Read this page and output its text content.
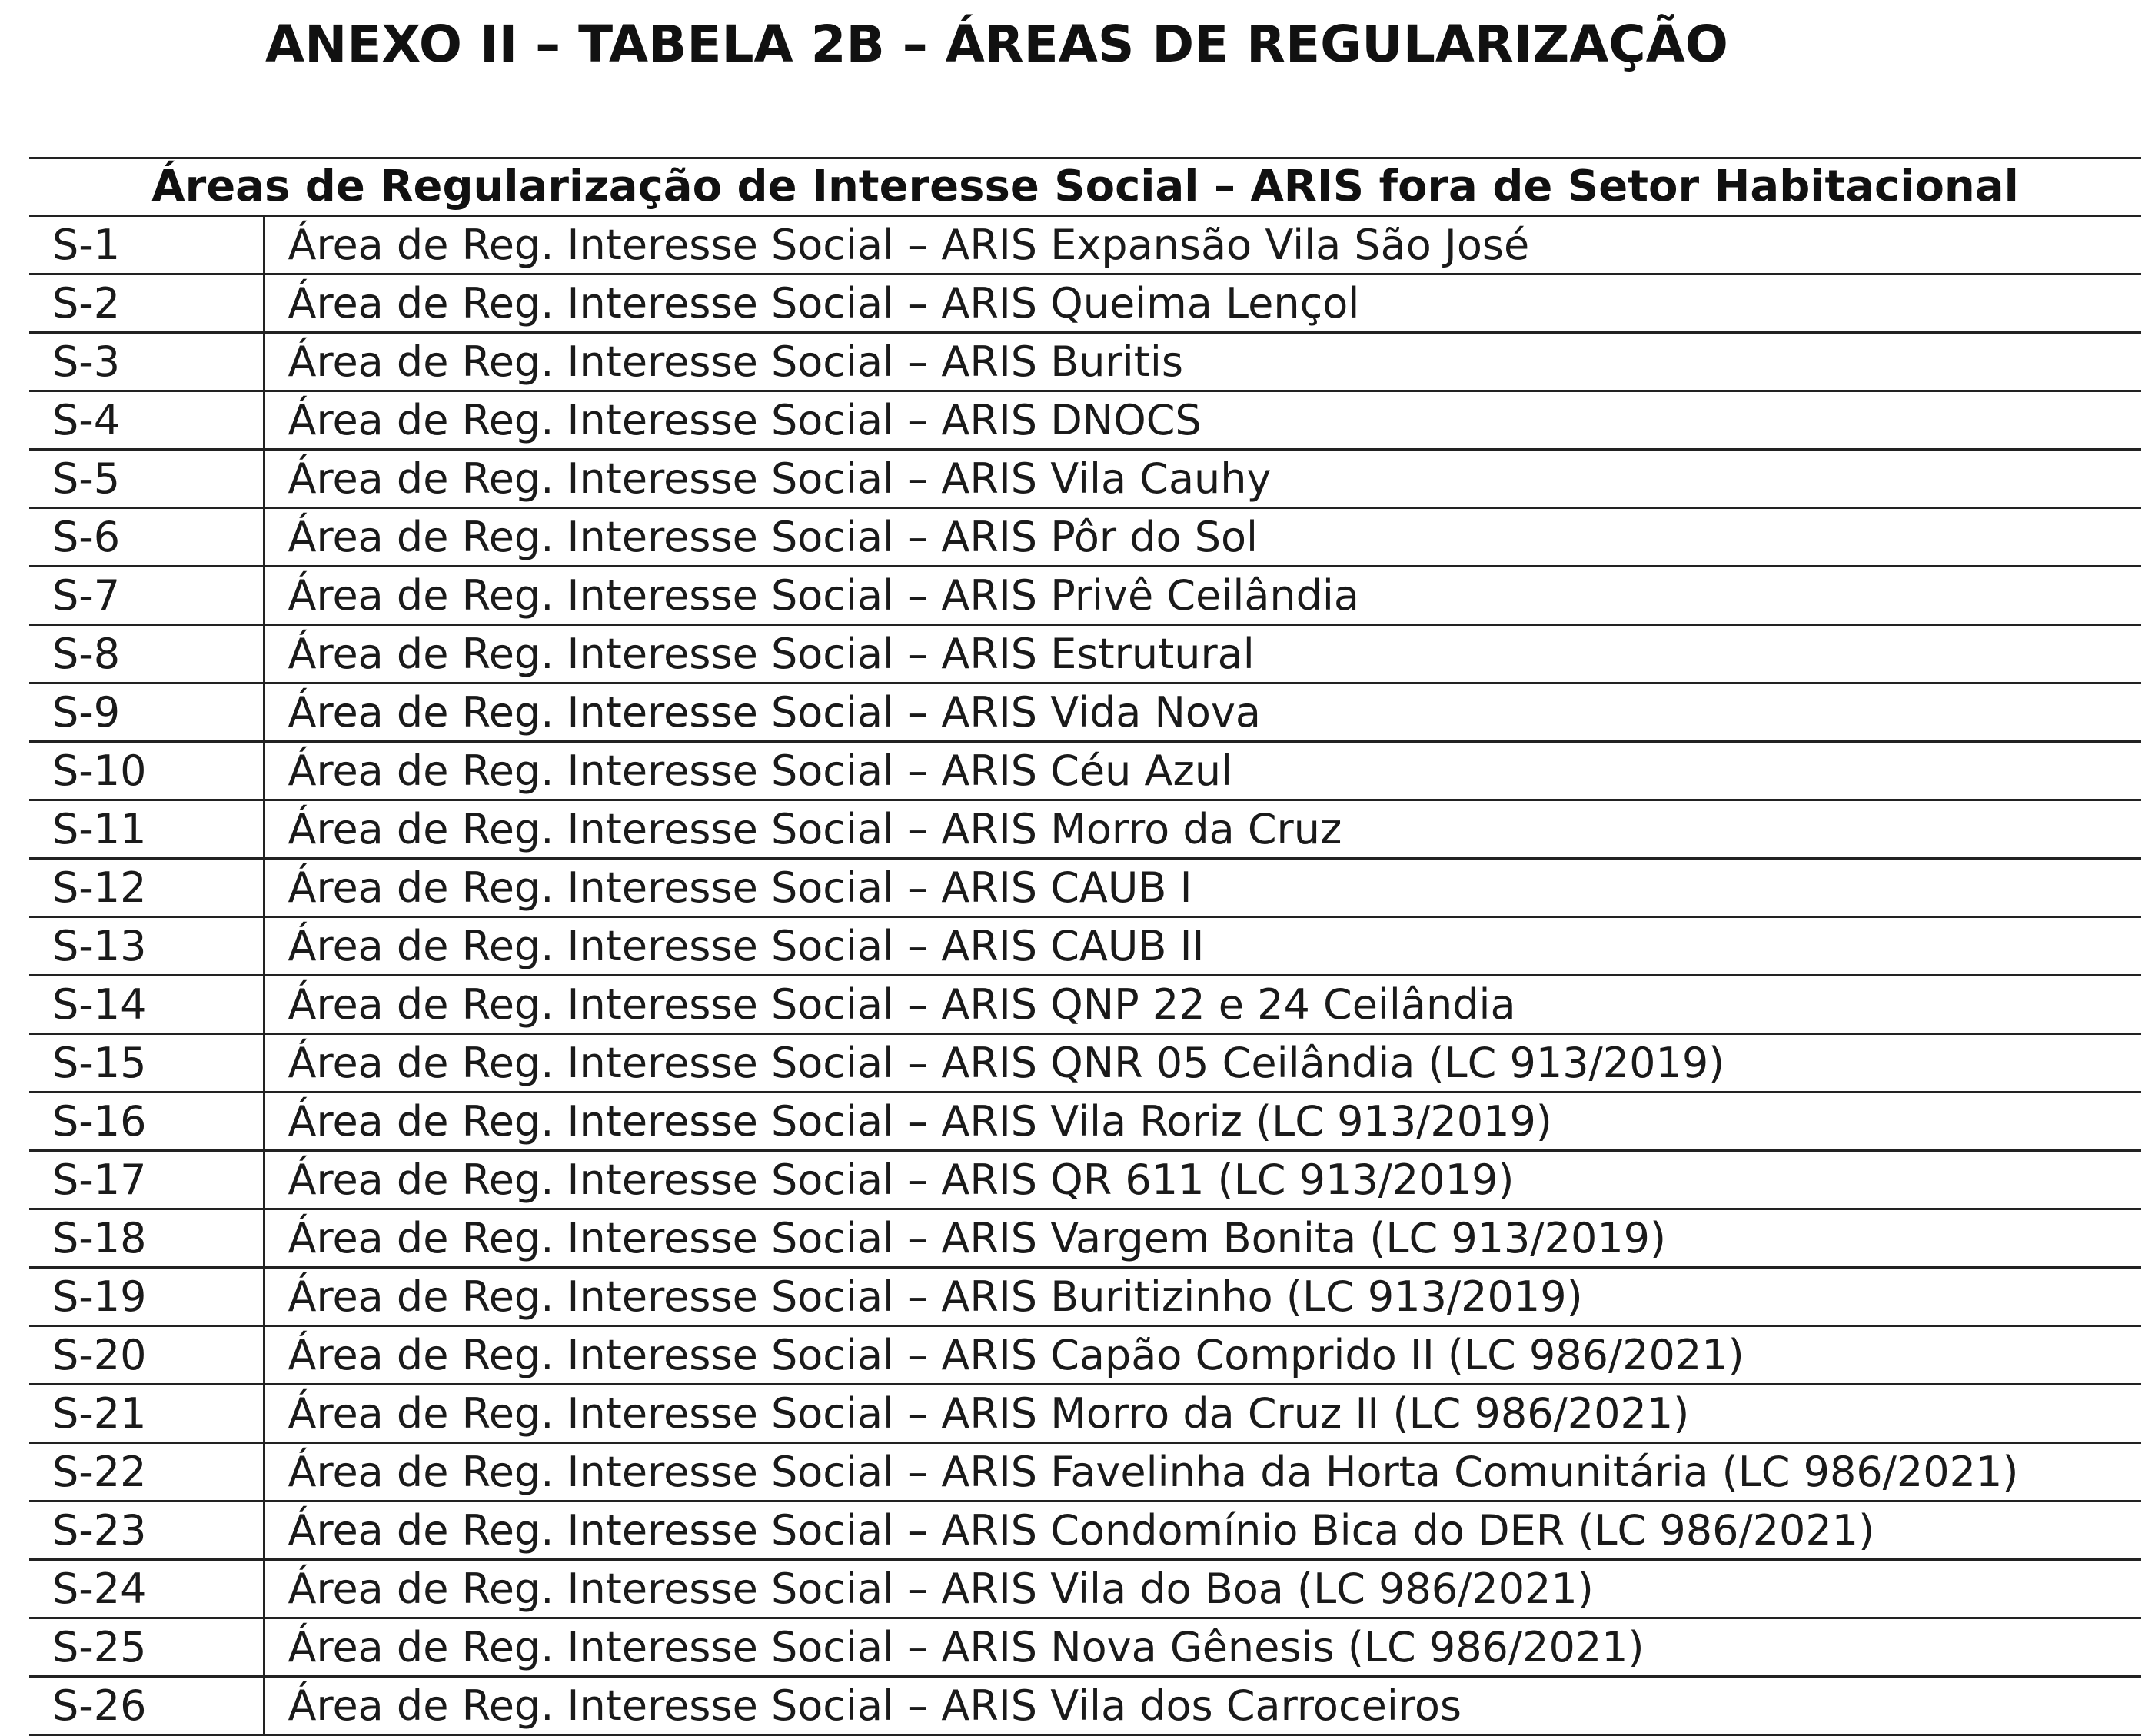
ANEXO II – TABELA 2B – ÁREAS DE REGULARIZAÇÃO
Áreas de Regularização de Interesse Social – ARIS fora de Setor Habitacional	
S-1	Área de Reg. Interesse Social – ARIS Expansão Vila São José
S-2	Área de Reg. Interesse Social – ARIS Queima Lençol
S-3	Área de Reg. Interesse Social – ARIS Buritis
S-4	Área de Reg. Interesse Social – ARIS DNOCS
S-5	Área de Reg. Interesse Social – ARIS Vila Cauhy
S-6	Área de Reg. Interesse Social – ARIS Pôr do Sol
S-7	Área de Reg. Interesse Social – ARIS Privê Ceilândia
S-8	Área de Reg. Interesse Social – ARIS Estrutural
S-9	Área de Reg. Interesse Social – ARIS Vida Nova
S-10	Área de Reg. Interesse Social – ARIS Céu Azul
S-11	Área de Reg. Interesse Social – ARIS Morro da Cruz
S-12	Área de Reg. Interesse Social – ARIS CAUB I
S-13	Área de Reg. Interesse Social – ARIS CAUB II
S-14	Área de Reg. Interesse Social – ARIS QNP 22 e 24 Ceilândia
S-15	Área de Reg. Interesse Social – ARIS QNR 05 Ceilândia (LC 913/2019)
S-16	Área de Reg. Interesse Social – ARIS Vila Roriz (LC 913/2019)
S-17	Área de Reg. Interesse Social – ARIS QR 611 (LC 913/2019)
S-18	Área de Reg. Interesse Social – ARIS Vargem Bonita (LC 913/2019)
S-19	Área de Reg. Interesse Social – ARIS Buritizinho (LC 913/2019)
S-20	Área de Reg. Interesse Social – ARIS Capão Comprido II (LC 986/2021)
S-21	Área de Reg. Interesse Social – ARIS Morro da Cruz II (LC 986/2021)
S-22	Área de Reg. Interesse Social – ARIS Favelinha da Horta Comunitária (LC 986/2021)
S-23	Área de Reg. Interesse Social – ARIS Condomínio Bica do DER (LC 986/2021)
S-24	Área de Reg. Interesse Social – ARIS Vila do Boa (LC 986/2021)
S-25	Área de Reg. Interesse Social – ARIS Nova Gênesis (LC 986/2021)
S-26	Área de Reg. Interesse Social – ARIS Vila dos Carroceiros
